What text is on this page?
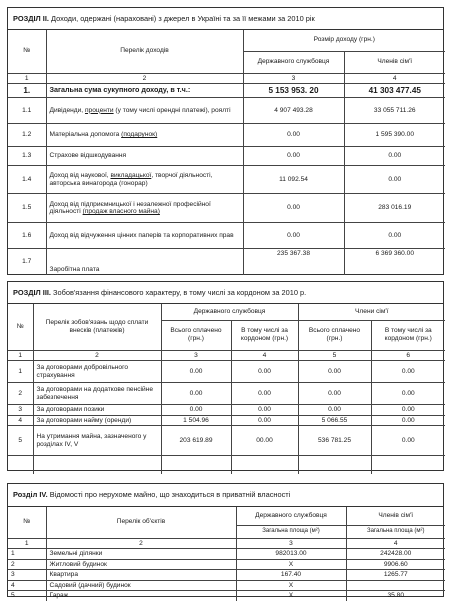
РОЗДІЛ II. Доходи, одержані (нараховані) з джерел в Україні та за її межами за 2010 рік
№	Перелік доходів	Розмір доходу (грн.)	
		Державного службовця	Членів сім'ї
1	2	3	4
1.	Загальна сума сукупного доходу, в т.ч.:	5 153 953. 20	41 303 477.45
1.1	Дивіденди, проценти (у тому числі орендні платежі), роялті	4 907 493.28	33 055 711.26
1.2	Матеріальна допомога (подарунок)	0.00	1 595 390.00
1.3	Страхове відшкодування	0.00	0.00
1.4	Доход від наукової, викладацької, творчої діяльності, авторська винагорода (гонорар)	11 092.54	0.00
1.5	Доход від підприємницької і незалежної професійної діяльності (продаж власного майна)	0.00	283 016.19
1.6	Доход від відчуження цінних паперів та корпоративних прав	0.00	0.00
1.7	Заробітна плата	235 367.38	6 369 360.00
РОЗДІЛ III. Зобов'язання фінансового характеру, в тому числі за кордоном за 2010 р.
№	Перелік зобов'язань щодо сплати внесків (платежів)	Державного службовця		Члени сім'ї	
		Всього сплачено (грн.)	В тому числі за кордоном (грн.)	Всього сплачено (грн.)	В тому числі за кордоном (грн.)
1	2	3	4	5	6
1	За договорами добровільного страхування	0.00	0.00	0.00	0.00
2	За договорами на додаткове пенсійне забезпечення	0.00	0.00	0.00	0.00
3	За договорами позики	0.00	0.00	0.00	0.00
4	За договорами найму (оренди)	1 504.96	0.00	5 066.55	0.00
5	На утримання майна, зазначеного у розділах IV, V	203 619.89	00.00	536 781.25	0.00

Розділ IV. Відомості про нерухоме майно, що знаходиться в приватній власності
№	Перелік об'єктів	Державного службовця	Членів сім'ї
		Загальна площа (м²)	Загальна площа (м²)
1	2	3	4
1	Земельні ділянки	982013.00	242428.00
2	Житловий будинок	X	9906.60
3	Квартира	167.40	1265.77
4	Садовий (дачний) будинок	X	
5	Гараж	X	35.80
